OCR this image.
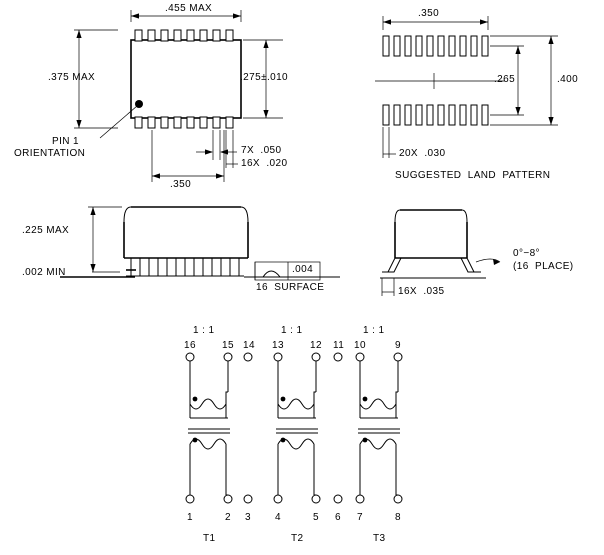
.455 MAX
.375 MAX	.275±.010
7X  .050
16X  .020
.350
PIN 1
ORIENTATION
.350
.265	.400
20X  .030
SUGGESTED  LAND  PATTERN
.225 MAX
.002 MIN	.004
16  SURFACE	16X  .035
0°−8°
(16  PLACE)
1 : 1	1 : 1	1 : 1
16	15 14 13	12 11 10	9
1	2 3 4	5 6 7	8
T1	T2	T3
